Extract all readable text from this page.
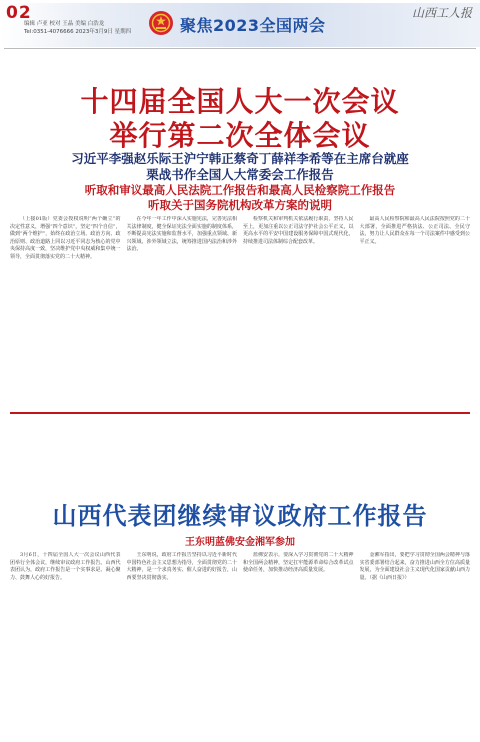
02
编辑 卢亚 校对 王晶 美编 白浩龙
Tel:0351-4076666 2023年3月9日 星期四	聚焦2023全国两会
山西工人报
十四届全国人大一次会议
举行第二次全体会议
习近平李强赵乐际王沪宁韩正蔡奇丁薛祥李希等在主席台就座
栗战书作全国人大常委会工作报告
听取和审议最高人民法院工作报告和最高人民检察院工作报告
听取关于国务院机构改革方案的说明

（上接01版）党委会授权说明“两个确立”的决定性意义，增强“四个意识”，坚定“四个自信”，做到“两个维护”，始终在政治立场、政治方向、政治原则、政治道路上同以习近平同志为核心的党中央保持高度一致，坚决维护党中央权威和集中统一领导，全面贯彻落实党的二十大精神。

在今年一年工作中深入实施宪法，完善宪法相关法律制度，健全保证宪法全面实施的制度体系，不断提高宪法实施和监督水平，加强重点领域、新兴领域、涉外领域立法，统筹推进国内法治和涉外法治。

检察机关和审判机关依法履行职责，坚持人民至上，更加注重以公正司法守护社会公平正义，以更高水平的平安中国建设服务保障中国式现代化，持续推进司法体制综合配套改革。

最高人民检察院和最高人民法院按照党的二十大部署，全面推进严格执法、公正司法、全民守法，努力让人民群众在每一个司法案件中感受到公平正义。

山西代表团继续审议政府工作报告
王东明蓝佛安金湘军参加

3月6日，十四届全国人大一次会议山西代表团举行全体会议，继续审议政府工作报告。山西代表团认为，政府工作报告是一个实事求是、凝心聚力、鼓舞人心的好报告。

王东明说，政府工作报告坚持以习近平新时代中国特色社会主义思想为指导，全面贯彻党的二十大精神，是一个求真务实、催人奋进的好报告，山西要坚决贯彻落实。

蓝佛安表示，要深入学习贯彻党的二十大精神和全国两会精神，坚定扛牢能源革命综合改革试点使命任务，加快推动经济高质量发展。

金湘军指出，要把学习贯彻全国两会精神与落实省委部署结合起来，奋力推进山西全方位高质量发展，为全面建设社会主义现代化国家贡献山西力量。（据《山西日报》）
